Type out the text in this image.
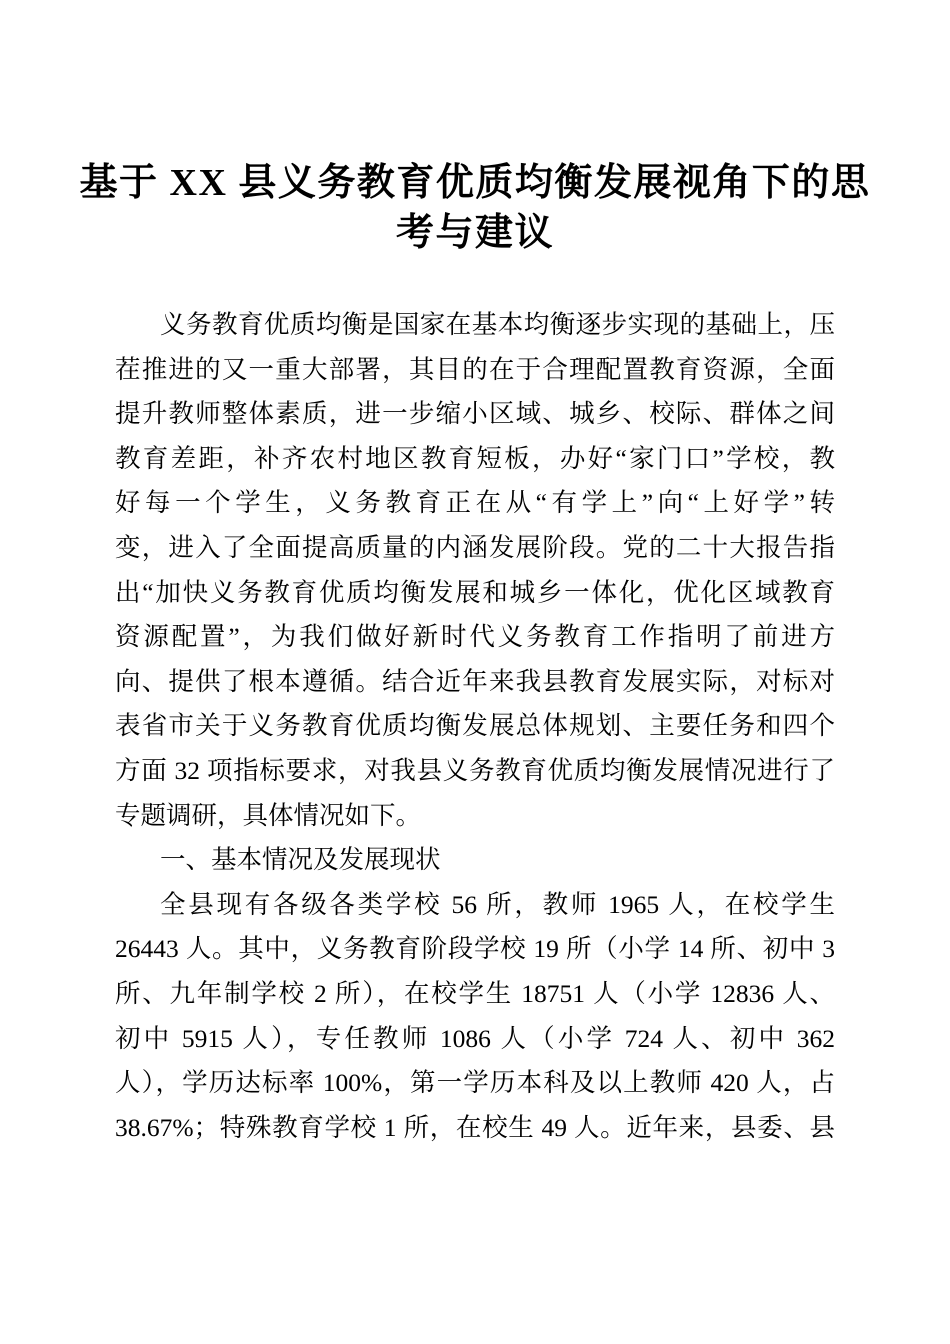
基于 XX 县义务教育优质均衡发展视角下的思
考与建议
义务教育优质均衡是国家在基本均衡逐步实现的基础上，压
茬推进的又一重大部署，其目的在于合理配置教育资源，全面
提升教师整体素质，进一步缩小区域、城乡、校际、群体之间
教育差距，补齐农村地区教育短板，办好“家门口”学校，教
好每一个学生，义务教育正在从“有学上”向“上好学”转
变，进入了全面提高质量的内涵发展阶段。党的二十大报告指
出“加快义务教育优质均衡发展和城乡一体化，优化区域教育
资源配置”，为我们做好新时代义务教育工作指明了前进方
向、提供了根本遵循。结合近年来我县教育发展实际，对标对
表省市关于义务教育优质均衡发展总体规划、主要任务和四个
方面 32 项指标要求，对我县义务教育优质均衡发展情况进行了
专题调研，具体情况如下。
一、基本情况及发展现状
全县现有各级各类学校 56 所，教师 1965 人，在校学生
26443 人。其中，义务教育阶段学校 19 所（小学 14 所、初中 3
所、九年制学校 2 所），在校学生 18751 人（小学 12836 人、
初中 5915 人），专任教师 1086 人（小学 724 人、初中 362
人），学历达标率 100%，第一学历本科及以上教师 420 人，占
38.67%；特殊教育学校 1 所，在校生 49 人。近年来，县委、县
